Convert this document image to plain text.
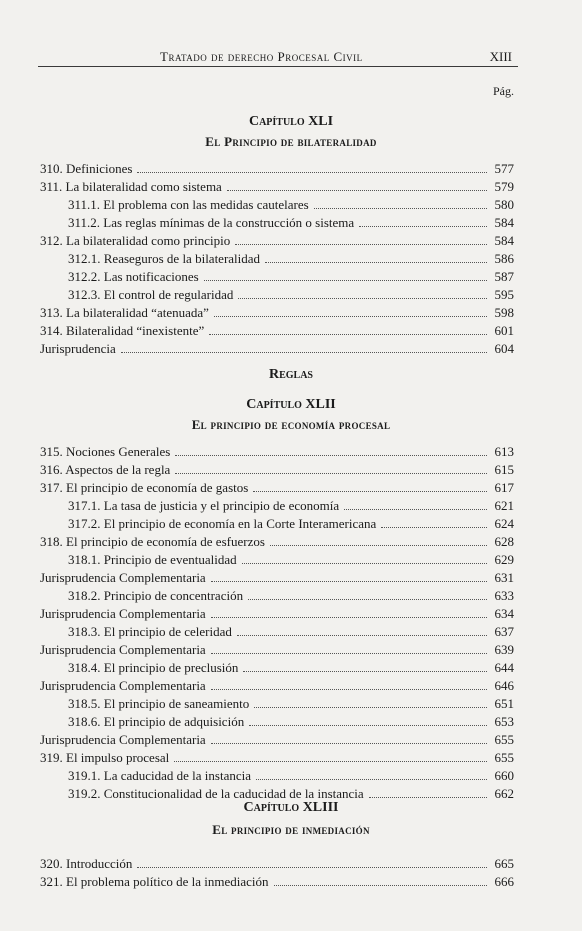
Tratado de derecho Procesal Civil	XIII
Pág.
Capítulo XLI
El Principio de bilateralidad
310. Definiciones	577
311. La bilateralidad como sistema	579
311.1. El problema con las medidas cautelares	580
311.2. Las reglas mínimas de la construcción o sistema	584
312. La bilateralidad como principio	584
312.1. Reaseguros de la bilateralidad	586
312.2. Las notificaciones	587
312.3. El control de regularidad	595
313. La bilateralidad “atenuada”	598
314. Bilateralidad “inexistente”	601
Jurisprudencia	604
Reglas
Capítulo XLII
El principio de economía procesal
315. Nociones Generales	613
316. Aspectos de la regla	615
317. El principio de economía de gastos	617
317.1. La tasa de justicia y el principio de economía	621
317.2. El principio de economía en la Corte Interamericana	624
318. El principio de economía de esfuerzos	628
318.1. Principio de eventualidad	629
Jurisprudencia Complementaria	631
318.2. Principio de concentración	633
Jurisprudencia Complementaria	634
318.3. El principio de celeridad	637
Jurisprudencia Complementaria	639
318.4. El principio de preclusión	644
Jurisprudencia Complementaria	646
318.5. El principio de saneamiento	651
318.6. El principio de adquisición	653
Jurisprudencia Complementaria	655
319. El impulso procesal	655
319.1. La caducidad de la instancia	660
319.2. Constitucionalidad de la caducidad de la instancia	662
Capítulo XLIII
El principio de inmediación
320. Introducción	665
321. El problema político de la inmediación	666
